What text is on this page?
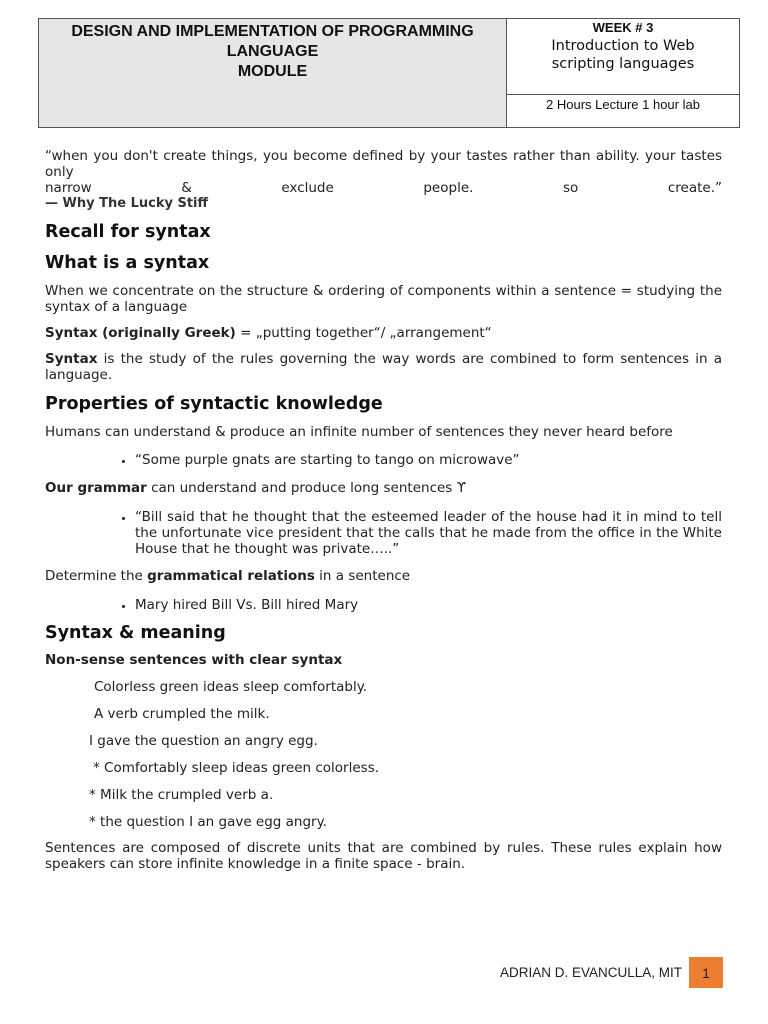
DESIGN AND IMPLEMENTATION OF PROGRAMMING
LANGUAGE
MODULE
WEEK # 3
Introduction to Web
scripting languages
2 Hours Lecture 1 hour lab

“when you don't create things, you become defined by your tastes rather than ability. your tastes only

narrow & exclude people. so create.”

— Why The Lucky Stiff
Recall for syntax
What is a syntax

When we concentrate on the structure & ordering of components within a sentence = studying the syntax of a language

Syntax (originally Greek) = „putting together“/ „arrangement“

Syntax is the study of the rules governing the way words are combined to form sentences in a language.

Properties of syntactic knowledge

Humans can understand & produce an infinite number of sentences they never heard before

• “Some purple gnats are starting to tango on microwave”

Our grammar can understand and produce long sentences ϒ

• “Bill said that he thought that the esteemed leader of the house had it in mind to tell the unfortunate vice president that the calls that he made from the office in the White House that he thought was private…..”

Determine the grammatical relations in a sentence

• Mary hired Bill Vs. Bill hired Mary
Syntax & meaning

Non-sense sentences with clear syntax

Colorless green ideas sleep comfortably.
A verb crumpled the milk.
I gave the question an angry egg.
* Comfortably sleep ideas green colorless.
* Milk the crumpled verb a.
* the question I an gave egg angry.

Sentences are composed of discrete units that are combined by rules. These rules explain how speakers can store infinite knowledge in a finite space - brain.

ADRIAN D. EVANCULLA, MIT	1
